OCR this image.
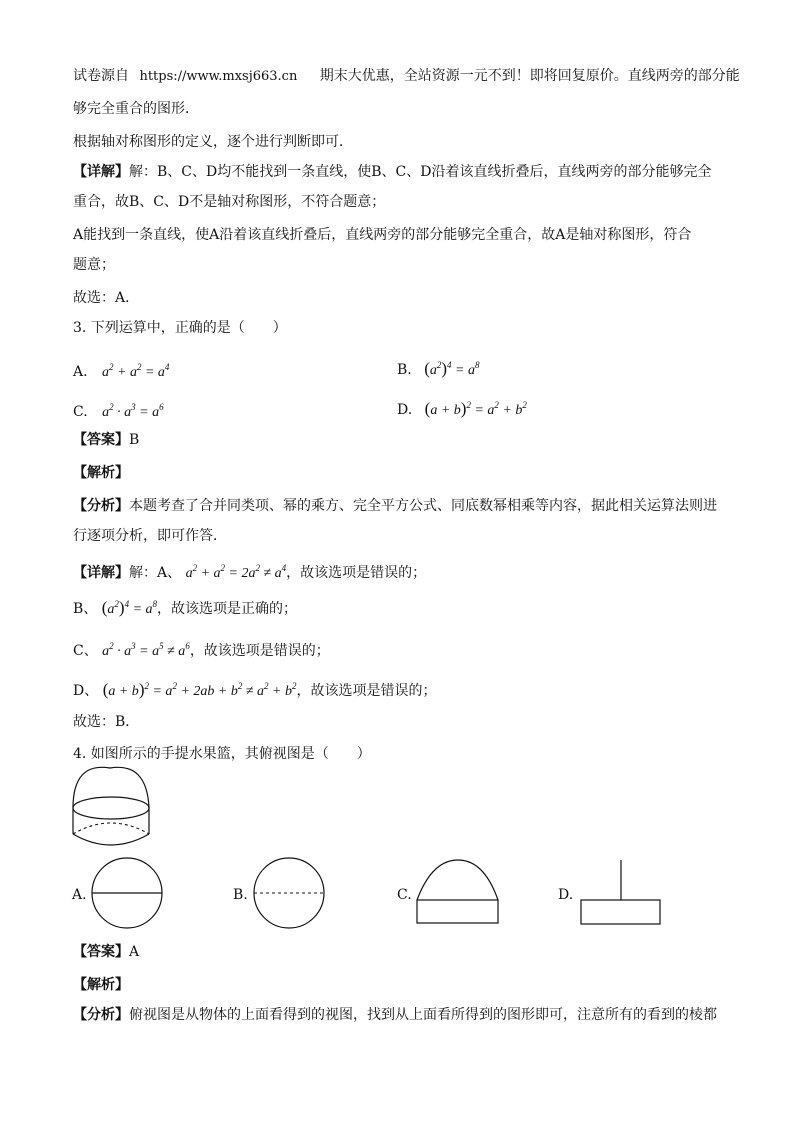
试卷源自 https://www.mxsj663.cn 期末大优惠，全站资源一元不到！即将回复原价。直线两旁的部分能
够完全重合的图形．
根据轴对称图形的定义，逐个进行判断即可．
【详解】解：B、C、D均不能找到一条直线，使B、C、D沿着该直线折叠后，直线两旁的部分能够完全
重合，故B、C、D不是轴对称图形，不符合题意；
A能找到一条直线，使A沿着该直线折叠后，直线两旁的部分能够完全重合，故A是轴对称图形，符合
题意；
故选：A．
3. 下列运算中，正确的是（　　）
A. $a^2 + a^2 = a^4$	B. $(a^2)^4 = a^8$
C. $a^2 \cdot a^3 = a^6$	D. $(a + b)^2 = a^2 + b^2$
【答案】B
【解析】
【分析】本题考查了合并同类项、幂的乘方、完全平方公式、同底数幂相乘等内容，据此相关运算法则进
行逐项分析，即可作答．
【详解】解：A、 $a^2 + a^2 = 2a^2 \ne a^4$，故该选项是错误的；
B、 $(a^2)^4 = a^8$，故该选项是正确的；
C、 $a^2 \cdot a^3 = a^5 \ne a^6$，故该选项是错误的；
D、 $(a + b)^2 = a^2 + 2ab + b^2 \ne a^2 + b^2$，故该选项是错误的；
故选：B．
4. 如图所示的手提水果篮，其俯视图是（　　）
A.	B.	C.	D.
【答案】A
【解析】
【分析】俯视图是从物体的上面看得到的视图，找到从上面看所得到的图形即可，注意所有的看到的棱都
